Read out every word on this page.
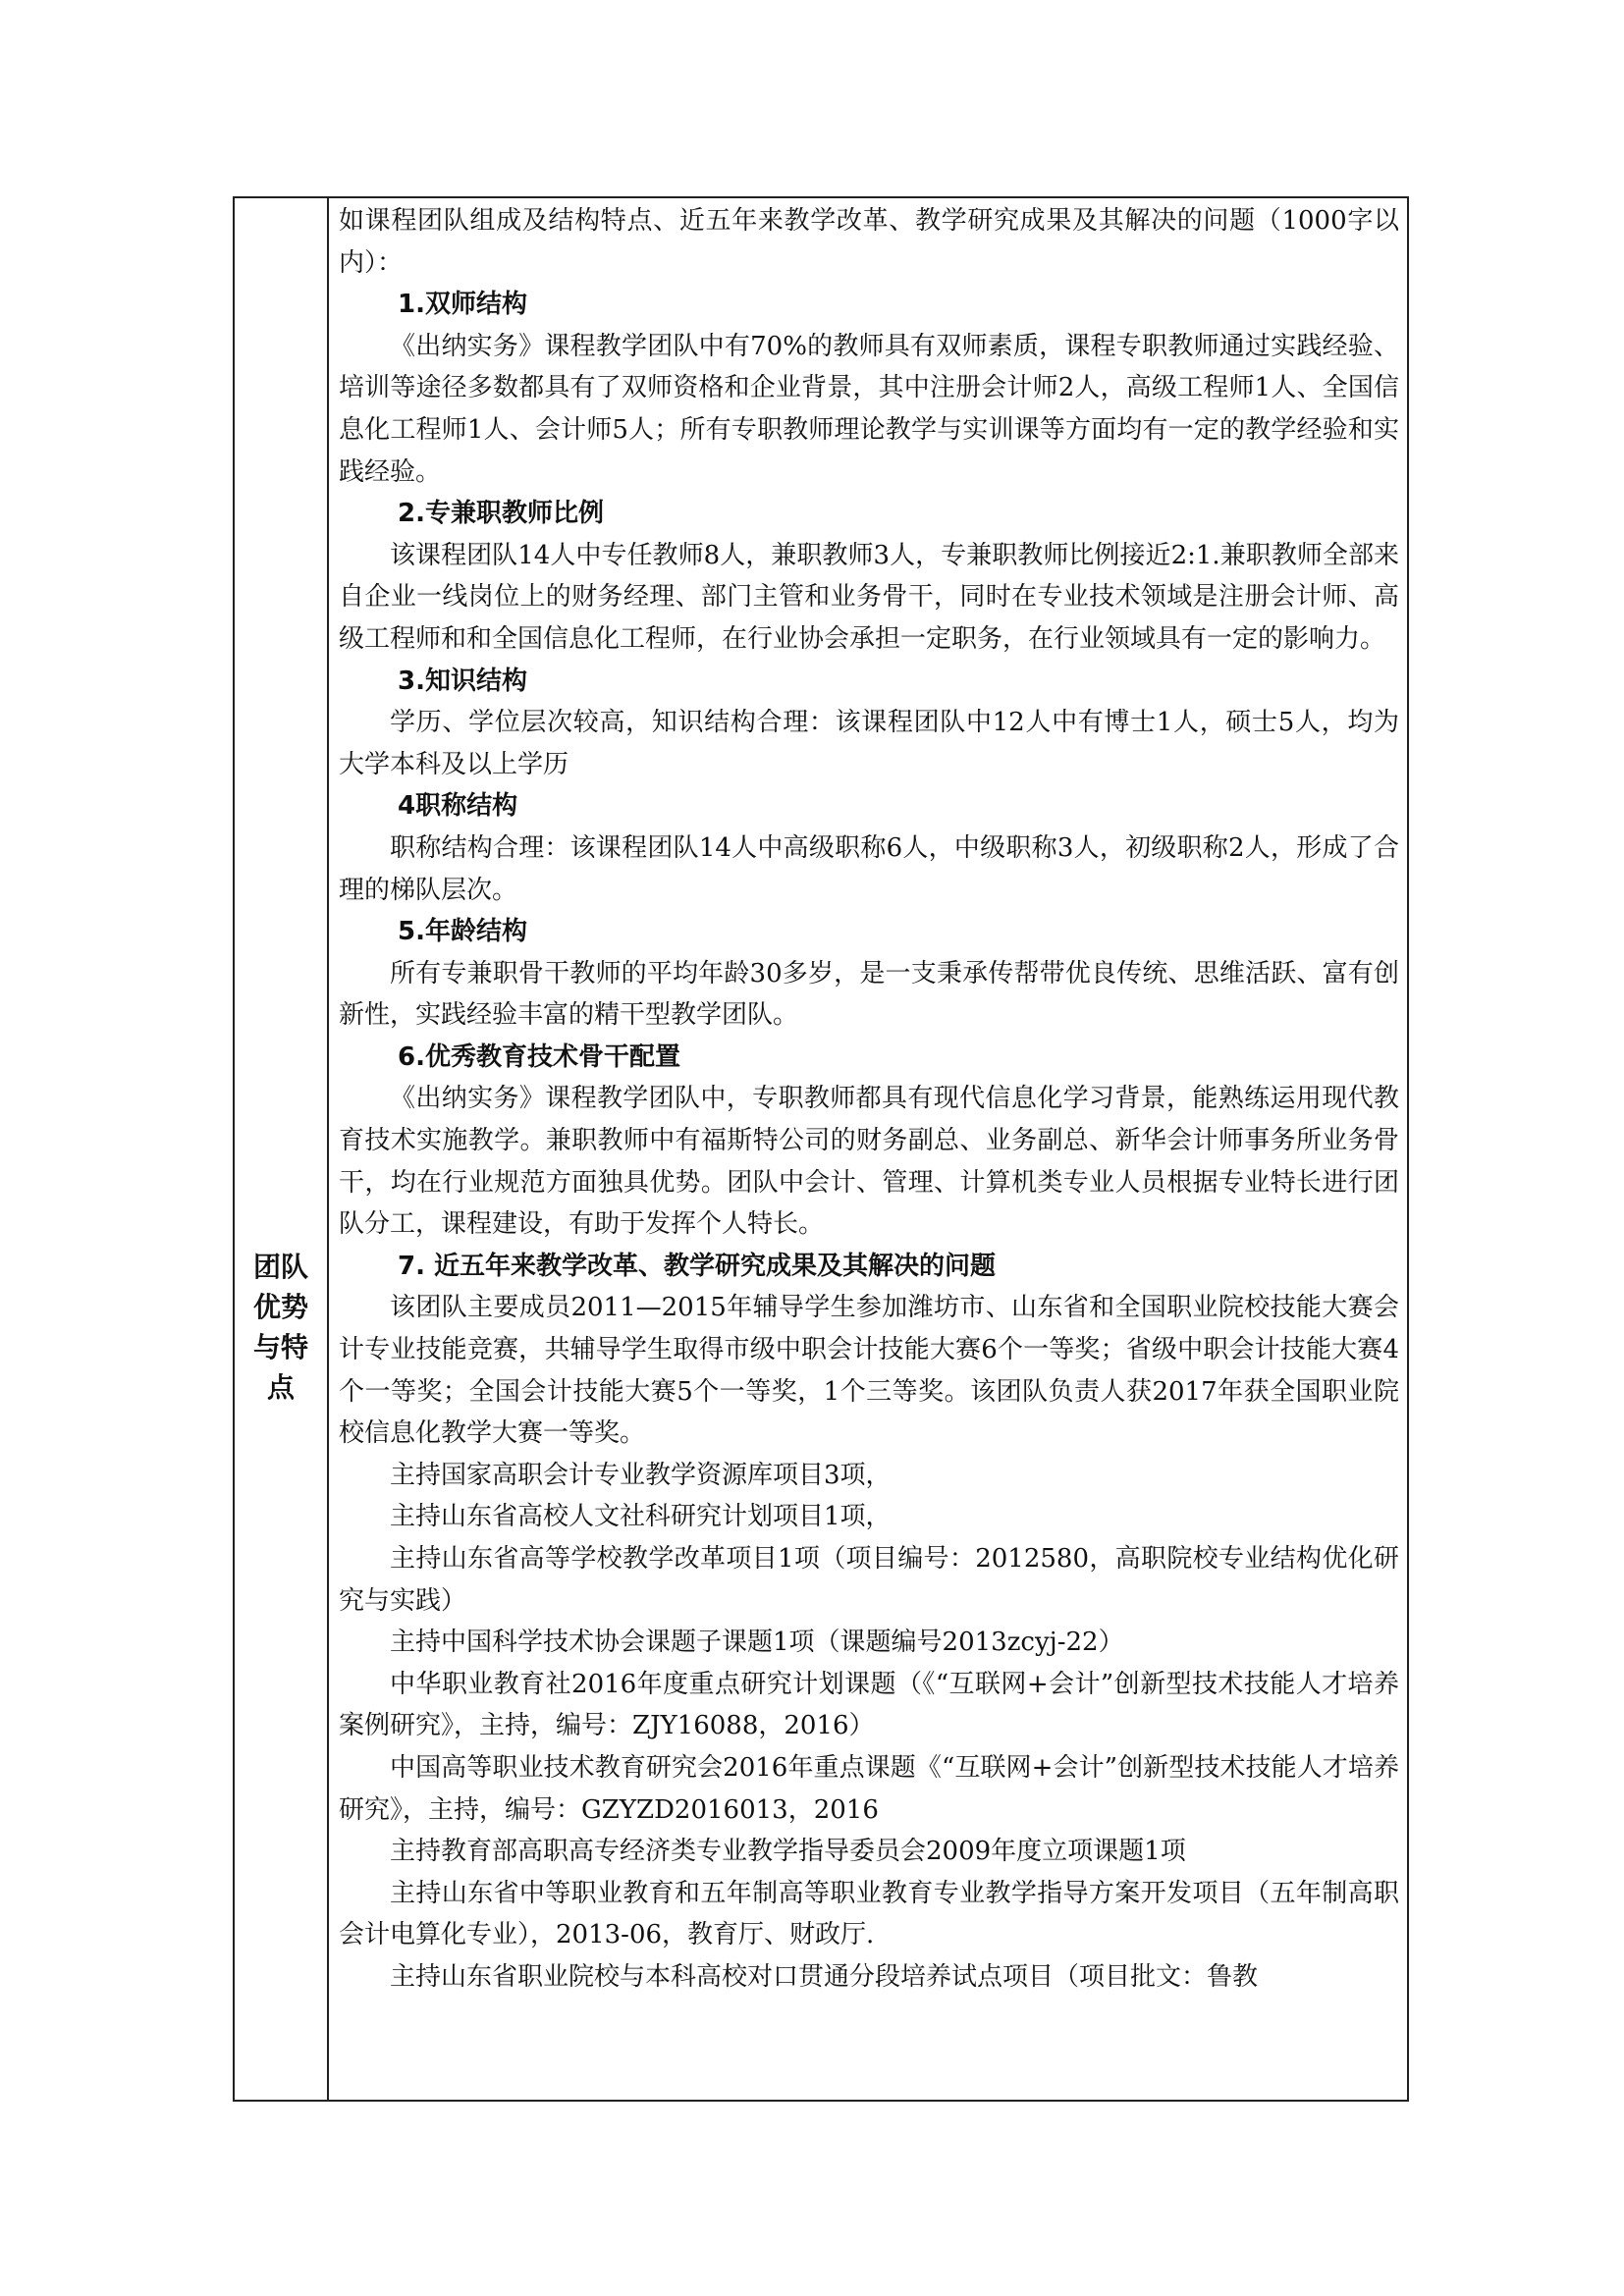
团队
优势
与特
点

如课程团队组成及结构特点、近五年来教学改革、教学研究成果及其解决的问题（1000字以内）：

1.双师结构

《出纳实务》课程教学团队中有70%的教师具有双师素质，课程专职教师通过实践经验、培训等途径多数都具有了双师资格和企业背景，其中注册会计师2人，高级工程师1人、全国信息化工程师1人、会计师5人；所有专职教师理论教学与实训课等方面均有一定的教学经验和实践经验。

2.专兼职教师比例

该课程团队14人中专任教师8人，兼职教师3人，专兼职教师比例接近2:1.兼职教师全部来自企业一线岗位上的财务经理、部门主管和业务骨干，同时在专业技术领域是注册会计师、高级工程师和和全国信息化工程师，在行业协会承担一定职务，在行业领域具有一定的影响力。

3.知识结构

学历、学位层次较高，知识结构合理：该课程团队中12人中有博士1人，硕士5人，均为大学本科及以上学历

4职称结构

职称结构合理：该课程团队14人中高级职称6人，中级职称3人，初级职称2人，形成了合理的梯队层次。

5.年龄结构

所有专兼职骨干教师的平均年龄30多岁，是一支秉承传帮带优良传统、思维活跃、富有创新性，实践经验丰富的精干型教学团队。

6.优秀教育技术骨干配置

《出纳实务》课程教学团队中，专职教师都具有现代信息化学习背景，能熟练运用现代教育技术实施教学。兼职教师中有福斯特公司的财务副总、业务副总、新华会计师事务所业务骨干，均在行业规范方面独具优势。团队中会计、管理、计算机类专业人员根据专业特长进行团队分工，课程建设，有助于发挥个人特长。

7. 近五年来教学改革、教学研究成果及其解决的问题

该团队主要成员2011—2015年辅导学生参加潍坊市、山东省和全国职业院校技能大赛会计专业技能竞赛，共辅导学生取得市级中职会计技能大赛6个一等奖；省级中职会计技能大赛4个一等奖；全国会计技能大赛5个一等奖，1个三等奖。该团队负责人获2017年获全国职业院校信息化教学大赛一等奖。

主持国家高职会计专业教学资源库项目3项，

主持山东省高校人文社科研究计划项目1项，

主持山东省高等学校教学改革项目1项（项目编号：2012580，高职院校专业结构优化研究与实践）

主持中国科学技术协会课题子课题1项（课题编号2013zcyj-22）

中华职业教育社2016年度重点研究计划课题（《“互联网+会计”创新型技术技能人才培养案例研究》，主持，编号：ZJY16088，2016）

中国高等职业技术教育研究会2016年重点课题《“互联网+会计”创新型技术技能人才培养研究》，主持，编号：GZYZD2016013，2016

主持教育部高职高专经济类专业教学指导委员会2009年度立项课题1项

主持山东省中等职业教育和五年制高等职业教育专业教学指导方案开发项目（五年制高职会计电算化专业），2013-06，教育厅、财政厅.

主持山东省职业院校与本科高校对口贯通分段培养试点项目（项目批文：鲁教
